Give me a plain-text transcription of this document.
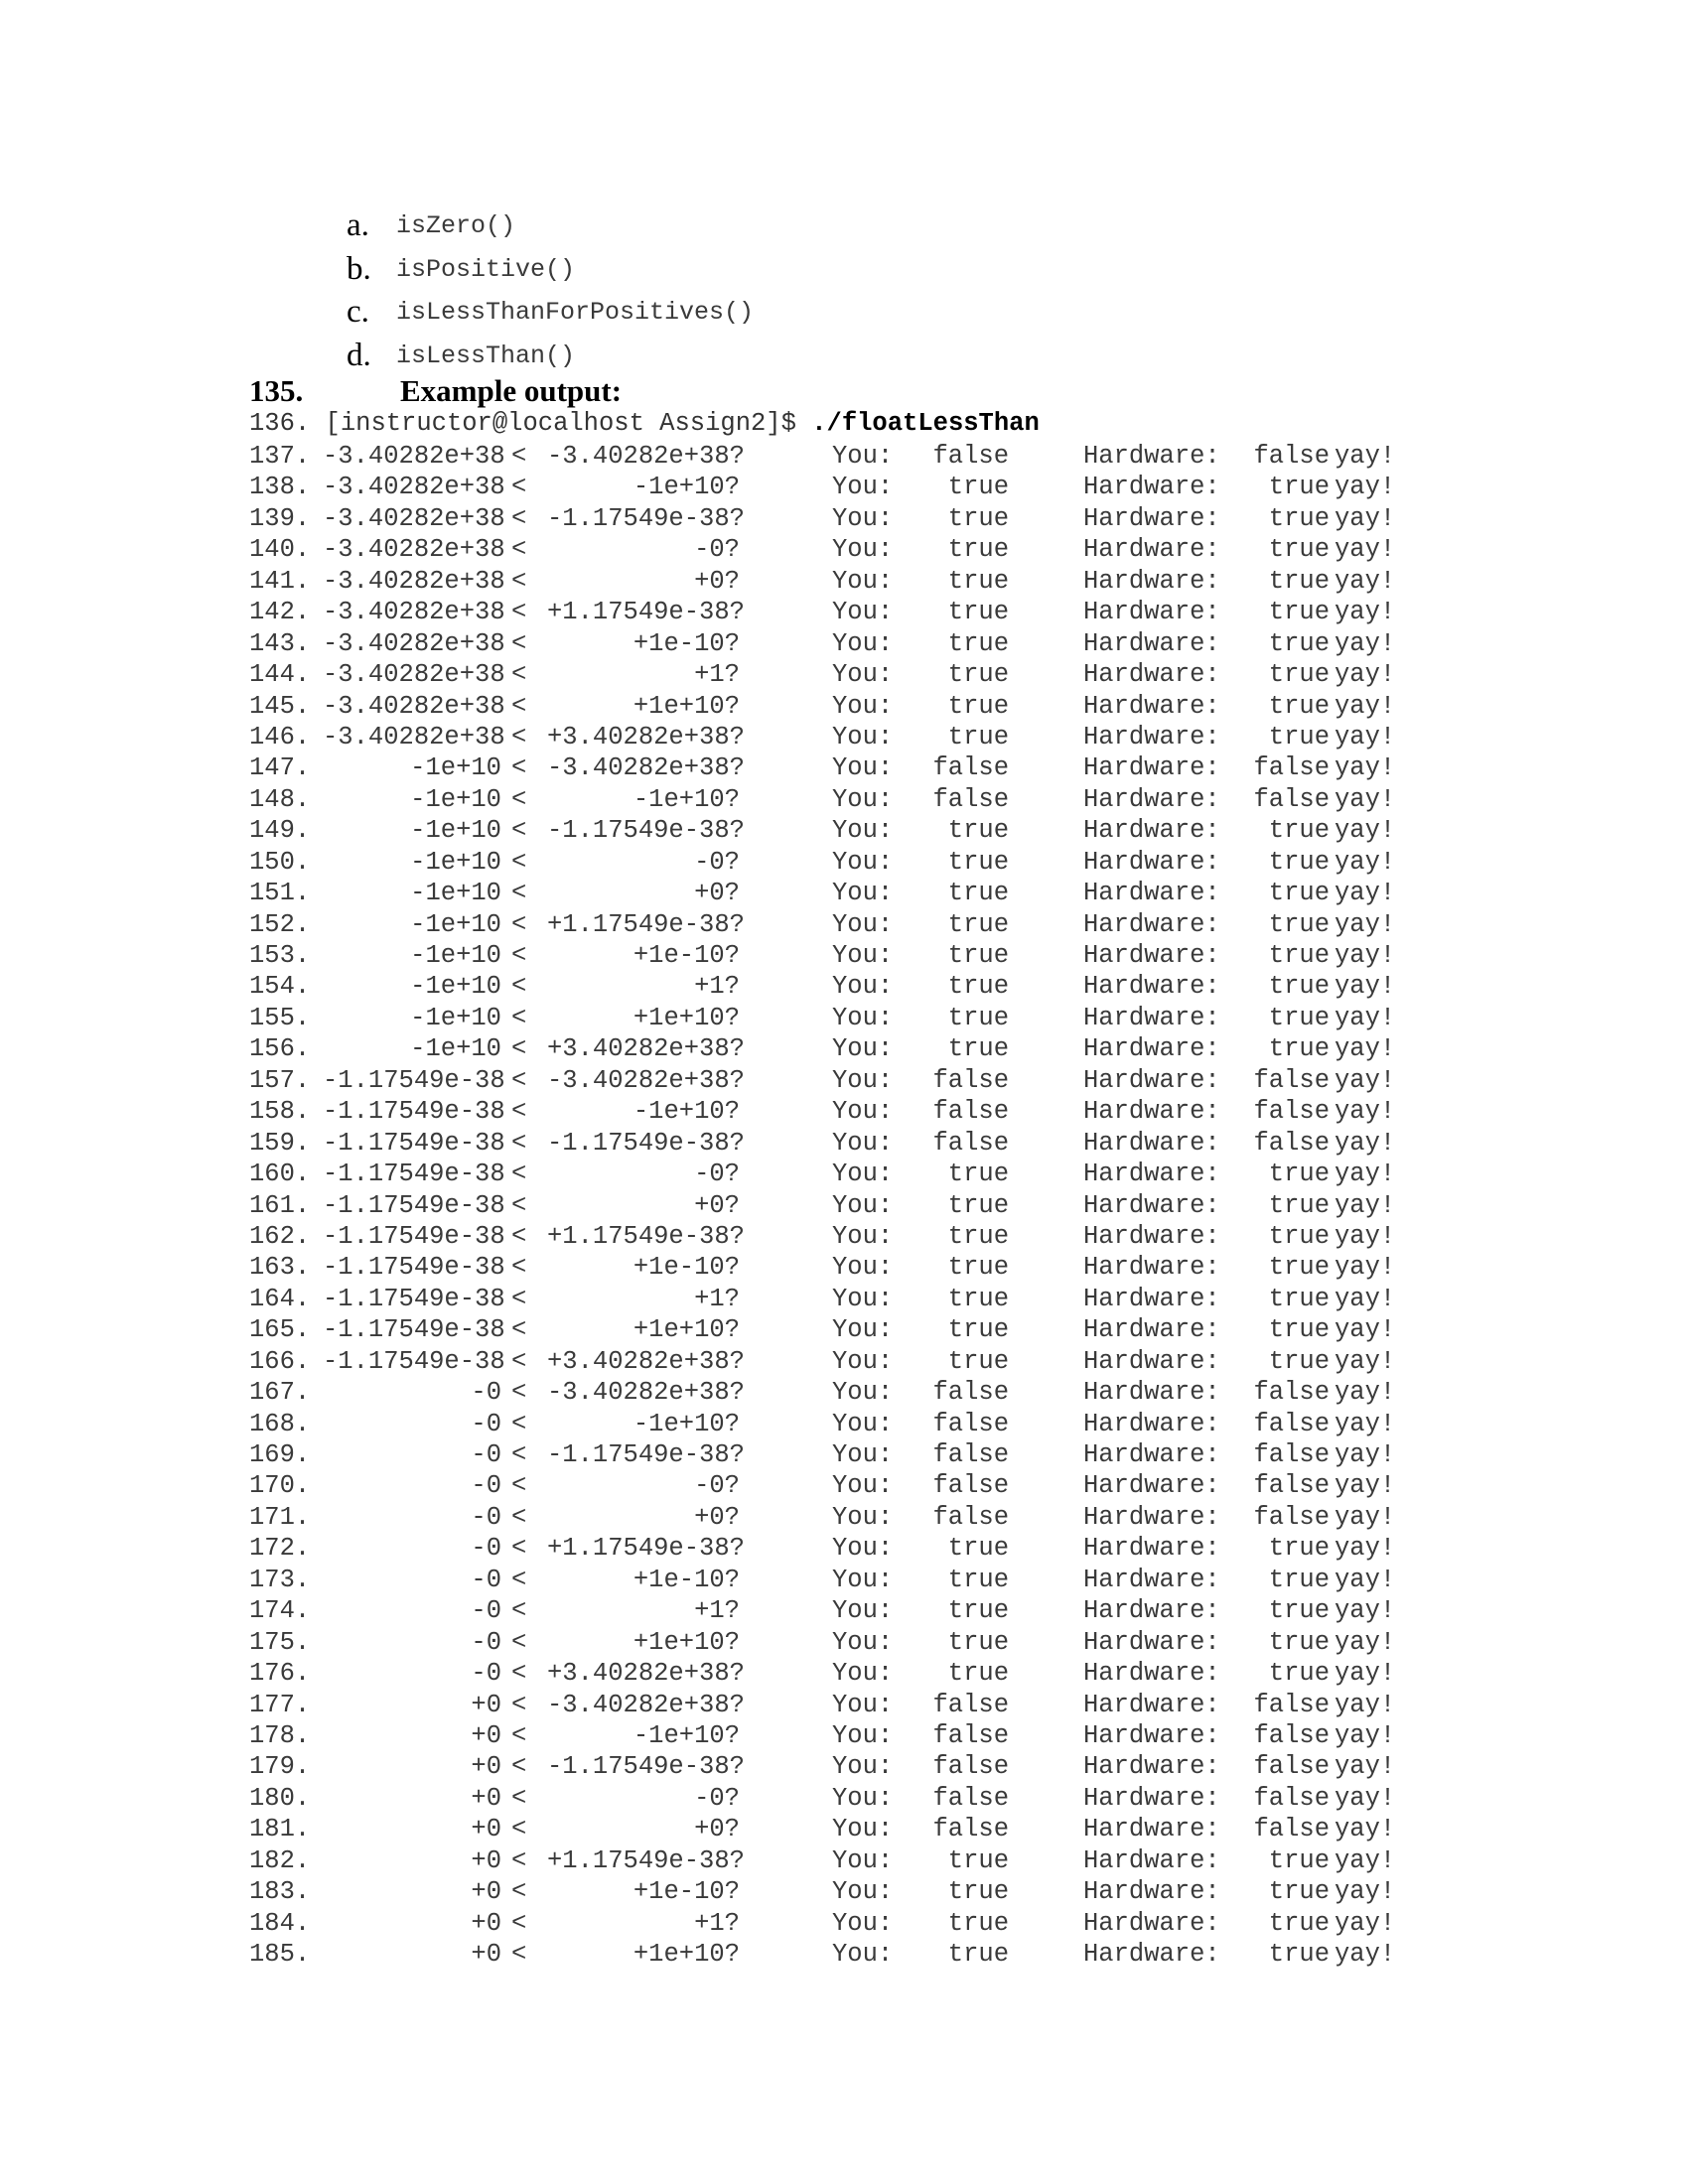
a.	isZero()
b.	isPositive()
c.	isLessThanForPositives()
d.	isLessThan()
135.	Example output:
136. [instructor@localhost Assign2]$ ./floatLessThan
137. -3.40282e+38 < -3.40282e+38?	You:	false	Hardware:	false yay!
138. -3.40282e+38 <	-1e+10?	You:	true	Hardware:	true yay!
139. -3.40282e+38 < -1.17549e-38?	You:	true	Hardware:	true yay!
140. -3.40282e+38 <	-0?	You:	true	Hardware:	true yay!
141. -3.40282e+38 <	+0?	You:	true	Hardware:	true yay!
142. -3.40282e+38 < +1.17549e-38?	You:	true	Hardware:	true yay!
143. -3.40282e+38 <	+1e-10?	You:	true	Hardware:	true yay!
144. -3.40282e+38 <	+1?	You:	true	Hardware:	true yay!
145. -3.40282e+38 <	+1e+10?	You:	true	Hardware:	true yay!
146. -3.40282e+38 < +3.40282e+38?	You:	true	Hardware:	true yay!
147.	-1e+10 < -3.40282e+38?	You:	false	Hardware:	false yay!
148.	-1e+10 <	-1e+10?	You:	false	Hardware:	false yay!
149.	-1e+10 < -1.17549e-38?	You:	true	Hardware:	true yay!
150.	-1e+10 <	-0?	You:	true	Hardware:	true yay!
151.	-1e+10 <	+0?	You:	true	Hardware:	true yay!
152.	-1e+10 < +1.17549e-38?	You:	true	Hardware:	true yay!
153.	-1e+10 <	+1e-10?	You:	true	Hardware:	true yay!
154.	-1e+10 <	+1?	You:	true	Hardware:	true yay!
155.	-1e+10 <	+1e+10?	You:	true	Hardware:	true yay!
156.	-1e+10 < +3.40282e+38?	You:	true	Hardware:	true yay!
157. -1.17549e-38 < -3.40282e+38?	You:	false	Hardware:	false yay!
158. -1.17549e-38 <	-1e+10?	You:	false	Hardware:	false yay!
159. -1.17549e-38 < -1.17549e-38?	You:	false	Hardware:	false yay!
160. -1.17549e-38 <	-0?	You:	true	Hardware:	true yay!
161. -1.17549e-38 <	+0?	You:	true	Hardware:	true yay!
162. -1.17549e-38 < +1.17549e-38?	You:	true	Hardware:	true yay!
163. -1.17549e-38 <	+1e-10?	You:	true	Hardware:	true yay!
164. -1.17549e-38 <	+1?	You:	true	Hardware:	true yay!
165. -1.17549e-38 <	+1e+10?	You:	true	Hardware:	true yay!
166. -1.17549e-38 < +3.40282e+38?	You:	true	Hardware:	true yay!
167.	-0 < -3.40282e+38?	You:	false	Hardware:	false yay!
168.	-0 <	-1e+10?	You:	false	Hardware:	false yay!
169.	-0 < -1.17549e-38?	You:	false	Hardware:	false yay!
170.	-0 <	-0?	You:	false	Hardware:	false yay!
171.	-0 <	+0?	You:	false	Hardware:	false yay!
172.	-0 < +1.17549e-38?	You:	true	Hardware:	true yay!
173.	-0 <	+1e-10?	You:	true	Hardware:	true yay!
174.	-0 <	+1?	You:	true	Hardware:	true yay!
175.	-0 <	+1e+10?	You:	true	Hardware:	true yay!
176.	-0 < +3.40282e+38?	You:	true	Hardware:	true yay!
177.	+0 < -3.40282e+38?	You:	false	Hardware:	false yay!
178.	+0 <	-1e+10?	You:	false	Hardware:	false yay!
179.	+0 < -1.17549e-38?	You:	false	Hardware:	false yay!
180.	+0 <	-0?	You:	false	Hardware:	false yay!
181.	+0 <	+0?	You:	false	Hardware:	false yay!
182.	+0 < +1.17549e-38?	You:	true	Hardware:	true yay!
183.	+0 <	+1e-10?	You:	true	Hardware:	true yay!
184.	+0 <	+1?	You:	true	Hardware:	true yay!
185.	+0 <	+1e+10?	You:	true	Hardware:	true yay!
